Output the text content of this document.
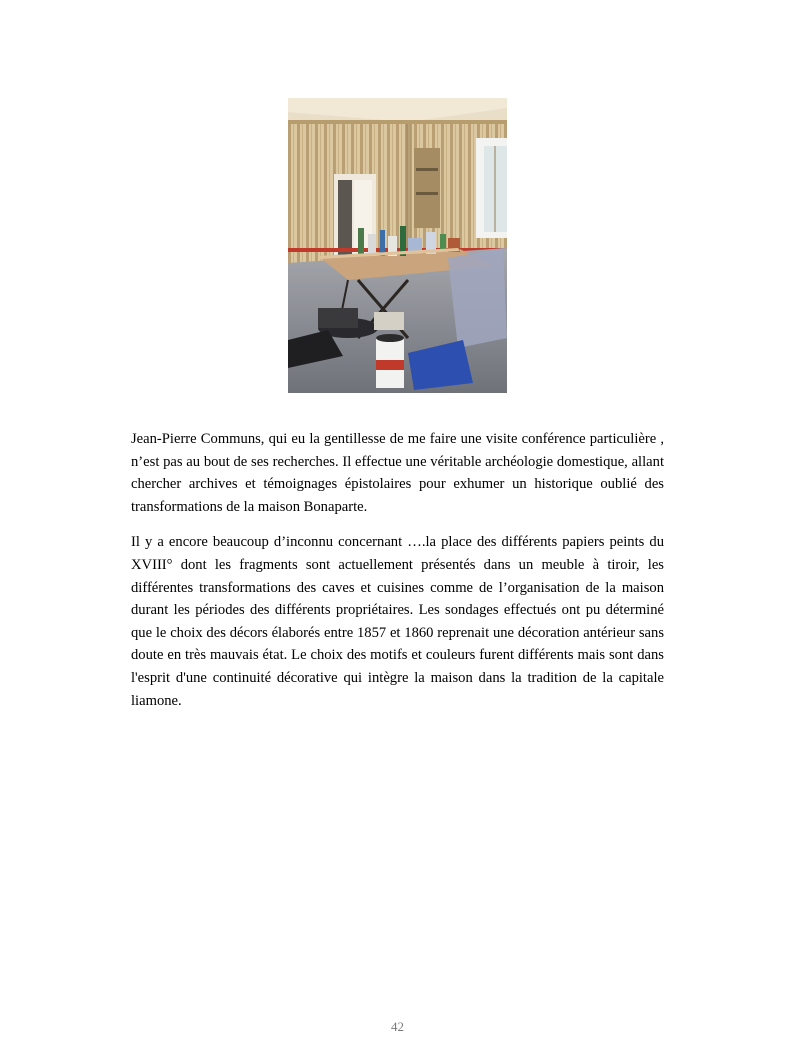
Jean-Pierre Communs, qui eu la gentillesse de me faire une visite conférence particulière , n’est pas au bout de ses recherches. Il effectue une véritable archéologie domestique, allant chercher archives et témoignages épistolaires pour exhumer un historique oublié des transformations de la maison Bonaparte.

Il y a encore beaucoup d’inconnu concernant ….la place des différents papiers peints du XVIII° dont les fragments sont actuellement présentés dans un meuble à tiroir, les différentes transformations des caves et cuisines comme de l’organisation de la maison durant les périodes des différents propriétaires. Les sondages effectués ont pu déterminé que le choix des décors élaborés entre 1857 et 1860 reprenait une décoration antérieur sans doute en très mauvais état. Le choix des motifs et couleurs furent différents mais sont dans l'esprit d'une continuité décorative qui intègre la maison dans la tradition de la capitale liamone.

42
